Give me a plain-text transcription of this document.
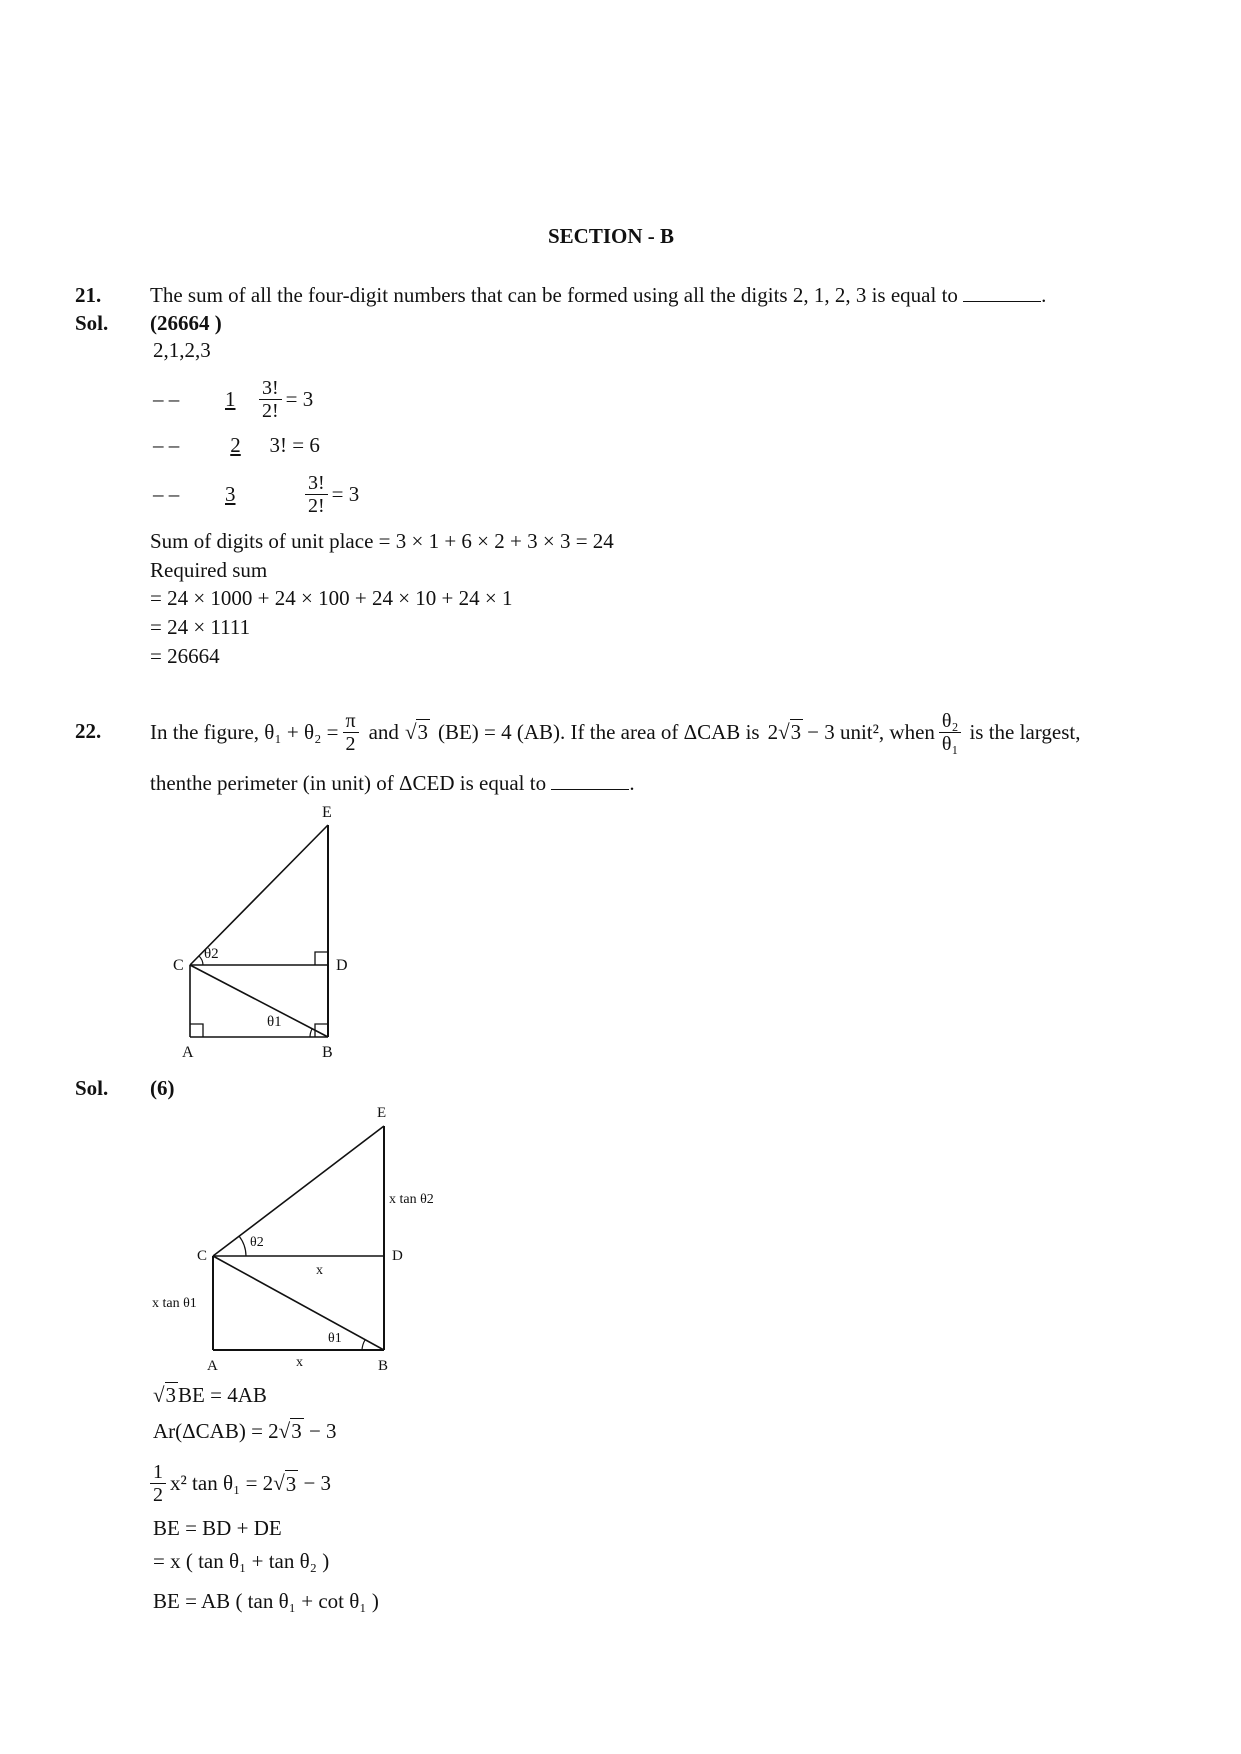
SECTION - B
21. The sum of all the four-digit numbers that can be formed using all the digits 2, 1, 2, 3 is equal to	.
Sol. (26664 )
2,1,2,3
– –	1	$\frac{3!}{2!} = 3$
– – 2 3! = 6
– –	3	$\frac{3!}{2!} = 3$
Sum of digits of unit place = 3 × 1 + 6 × 2 + 3 × 3 = 24
Required sum
= 24 × 1000 + 24 × 100 + 24 × 10 + 24 × 1
= 24 × 1111
= 26664
22. In the figure, $\theta_1 + \theta_2 = \frac{\pi}{2}$ and √3 (BE) = 4 (AB). If the area of ΔCAB is 2√3 − 3 unit², when $\frac{\text{θ₂}}{\text{θ₁}}$ is the largest,
thenthe perimeter (in unit) of ΔCED is equal to	.
E
C	D
A	B
θ2
θ1
Sol. (6)
E
C	D
A	B
θ2
θ1
x tan θ2
x tan θ1
x
x
√3BE = 4AB
Ar(ΔCAB) = 2√3 − 3
$\frac{1}{2} x^2$ tan θ₁ = 2 √ 3
− 3
BE = BD + DE
= x ( tan θ₁ + tan θ₂ )
BE = AB ( tan θ₁ + cot θ₁ )
